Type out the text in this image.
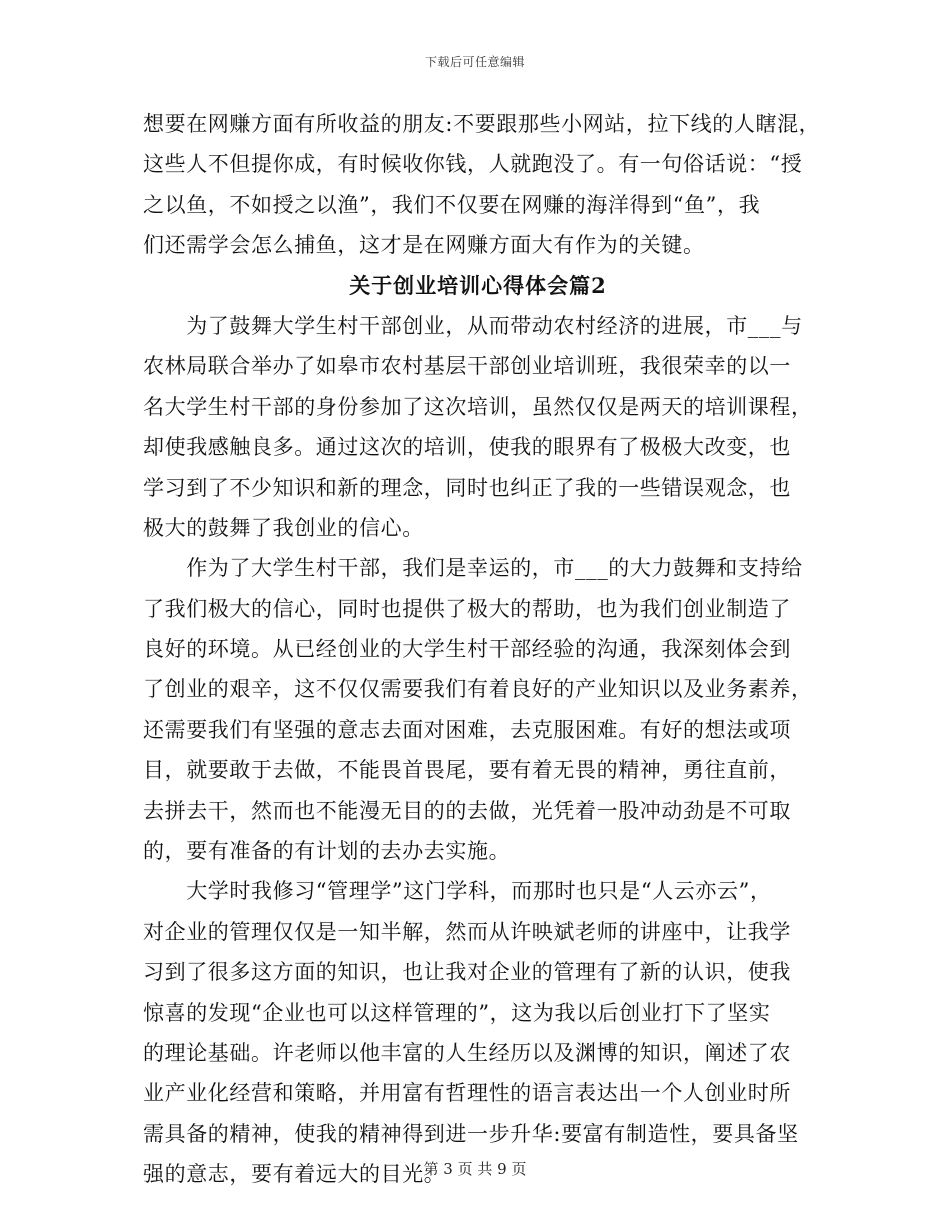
下载后可任意编辑
想要在网赚方面有所收益的朋友:不要跟那些小网站，拉下线的人瞎混，
这些人不但提你成，有时候收你钱，人就跑没了。有一句俗话说：“授
之以鱼，不如授之以渔”，我们不仅要在网赚的海洋得到“鱼”，我
们还需学会怎么捕鱼，这才是在网赚方面大有作为的关键。
关于创业培训心得体会篇2
　　为了鼓舞大学生村干部创业，从而带动农村经济的进展，市___与
农林局联合举办了如皋市农村基层干部创业培训班，我很荣幸的以一
名大学生村干部的身份参加了这次培训，虽然仅仅是两天的培训课程，
却使我感触良多。通过这次的培训，使我的眼界有了极极大改变，也
学习到了不少知识和新的理念，同时也纠正了我的一些错误观念，也
极大的鼓舞了我创业的信心。
　　作为了大学生村干部，我们是幸运的，市___的大力鼓舞和支持给
了我们极大的信心，同时也提供了极大的帮助，也为我们创业制造了
良好的环境。从已经创业的大学生村干部经验的沟通，我深刻体会到
了创业的艰辛，这不仅仅需要我们有着良好的产业知识以及业务素养，
还需要我们有坚强的意志去面对困难，去克服困难。有好的想法或项
目，就要敢于去做，不能畏首畏尾，要有着无畏的精神，勇往直前，
去拼去干，然而也不能漫无目的的去做，光凭着一股冲动劲是不可取
的，要有准备的有计划的去办去实施。
　　大学时我修习“管理学”这门学科，而那时也只是“人云亦云”，
对企业的管理仅仅是一知半解，然而从许映斌老师的讲座中，让我学
习到了很多这方面的知识，也让我对企业的管理有了新的认识，使我
惊喜的发现“企业也可以这样管理的”，这为我以后创业打下了坚实
的理论基础。许老师以他丰富的人生经历以及渊博的知识，阐述了农
业产业化经营和策略，并用富有哲理性的语言表达出一个人创业时所
需具备的精神，使我的精神得到进一步升华:要富有制造性，要具备坚
强的意志，要有着远大的目光。
第 3 页 共 9 页
